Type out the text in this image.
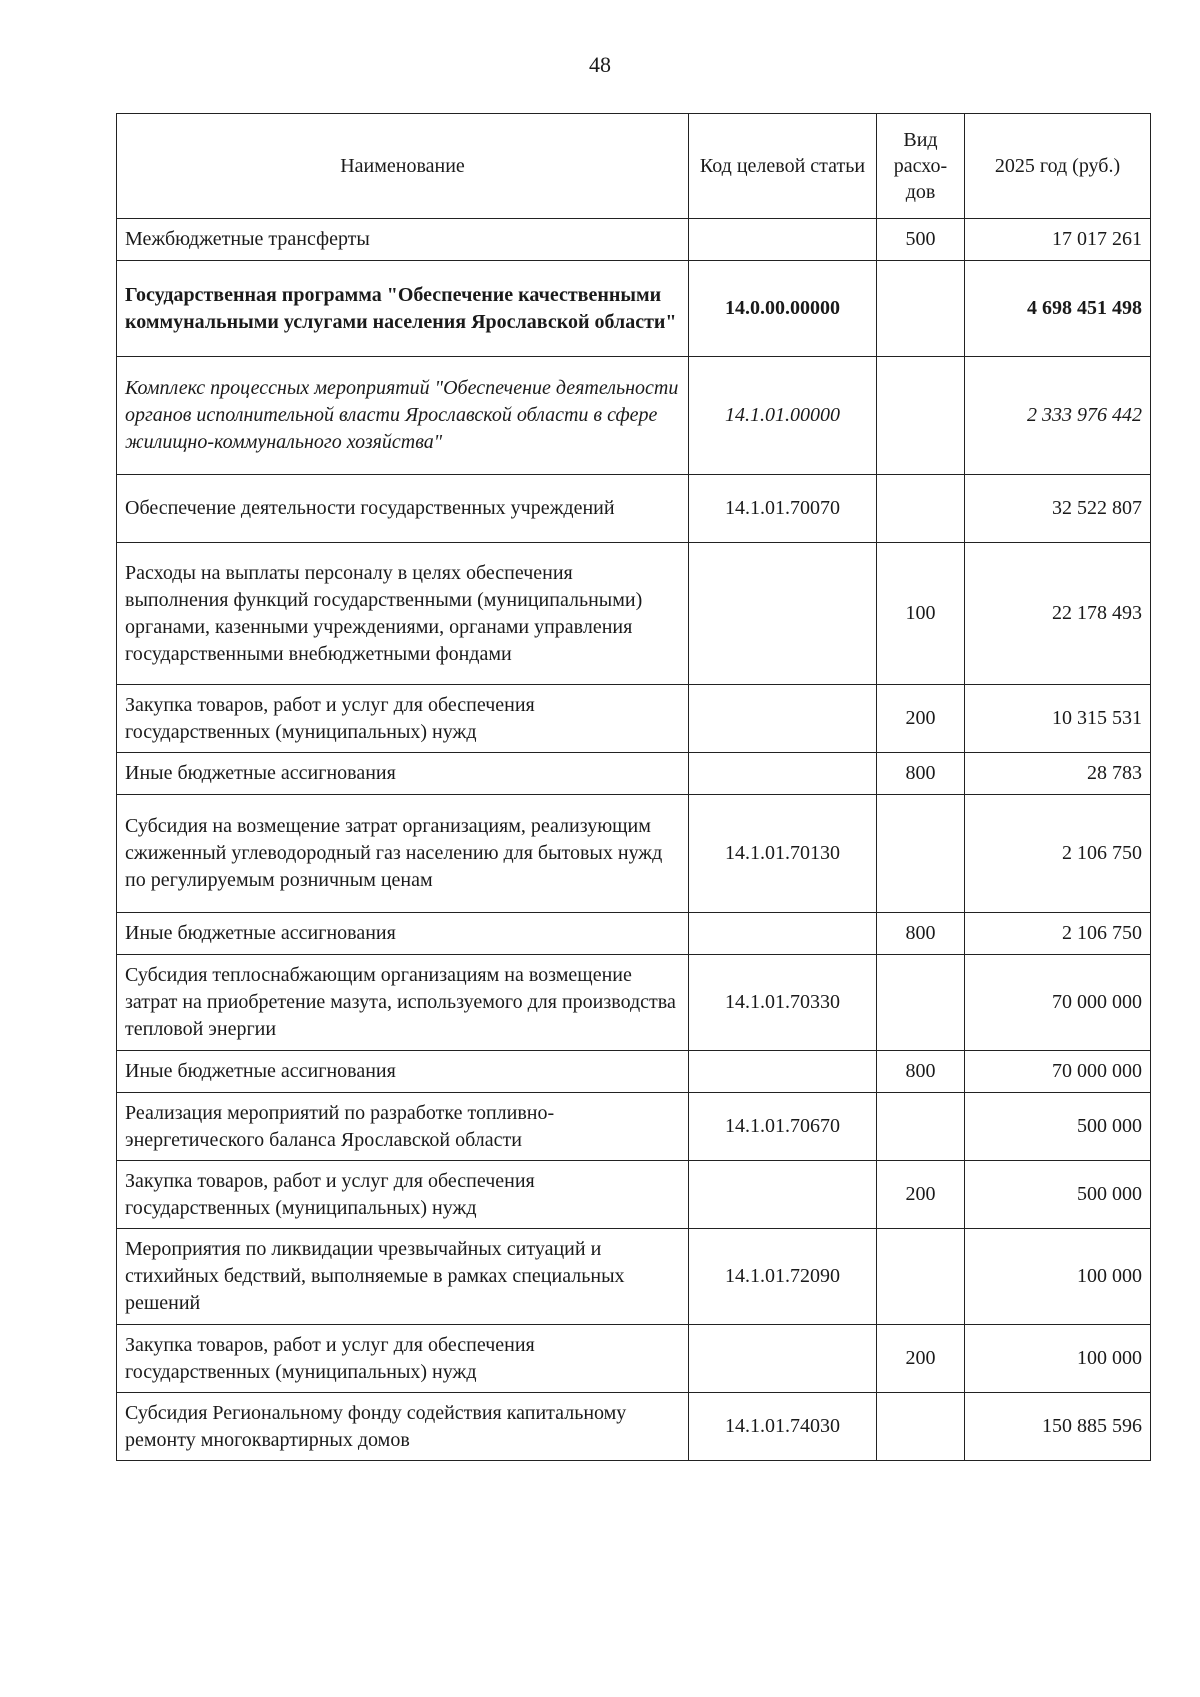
48
Наименование	Код целевой статьи	Вид расхо-дов	2025 год (руб.)
Межбюджетные трансферты		500	17 017 261
Государственная программа "Обеспечение качественными коммунальными услугами населения Ярославской области"	14.0.00.00000		4 698 451 498
Комплекс процессных мероприятий "Обеспечение деятельности органов исполнительной власти Ярославской области в сфере жилищно-коммунального хозяйства"	14.1.01.00000		2 333 976 442
Обеспечение деятельности государственных учреждений	14.1.01.70070		32 522 807
Расходы на выплаты персоналу в целях обеспечения выполнения функций государственными (муниципальными) органами, казенными учреждениями, органами управления государственными внебюджетными фондами		100	22 178 493
Закупка товаров, работ и услуг для обеспечения государственных (муниципальных) нужд		200	10 315 531
Иные бюджетные ассигнования		800	28 783
Субсидия на возмещение затрат организациям, реализующим сжиженный углеводородный газ населению для бытовых нужд по регулируемым розничным ценам	14.1.01.70130		2 106 750
Иные бюджетные ассигнования		800	2 106 750
Субсидия теплоснабжающим организациям на возмещение затрат на приобретение мазута, используемого для производства тепловой энергии	14.1.01.70330		70 000 000
Иные бюджетные ассигнования		800	70 000 000
Реализация мероприятий по разработке топливно-энергетического баланса Ярославской области	14.1.01.70670		500 000
Закупка товаров, работ и услуг для обеспечения государственных (муниципальных) нужд		200	500 000
Мероприятия по ликвидации чрезвычайных ситуаций и стихийных бедствий, выполняемые в рамках специальных решений	14.1.01.72090		100 000
Закупка товаров, работ и услуг для обеспечения государственных (муниципальных) нужд		200	100 000
Субсидия Региональному фонду содействия капитальному ремонту многоквартирных домов	14.1.01.74030		150 885 596
